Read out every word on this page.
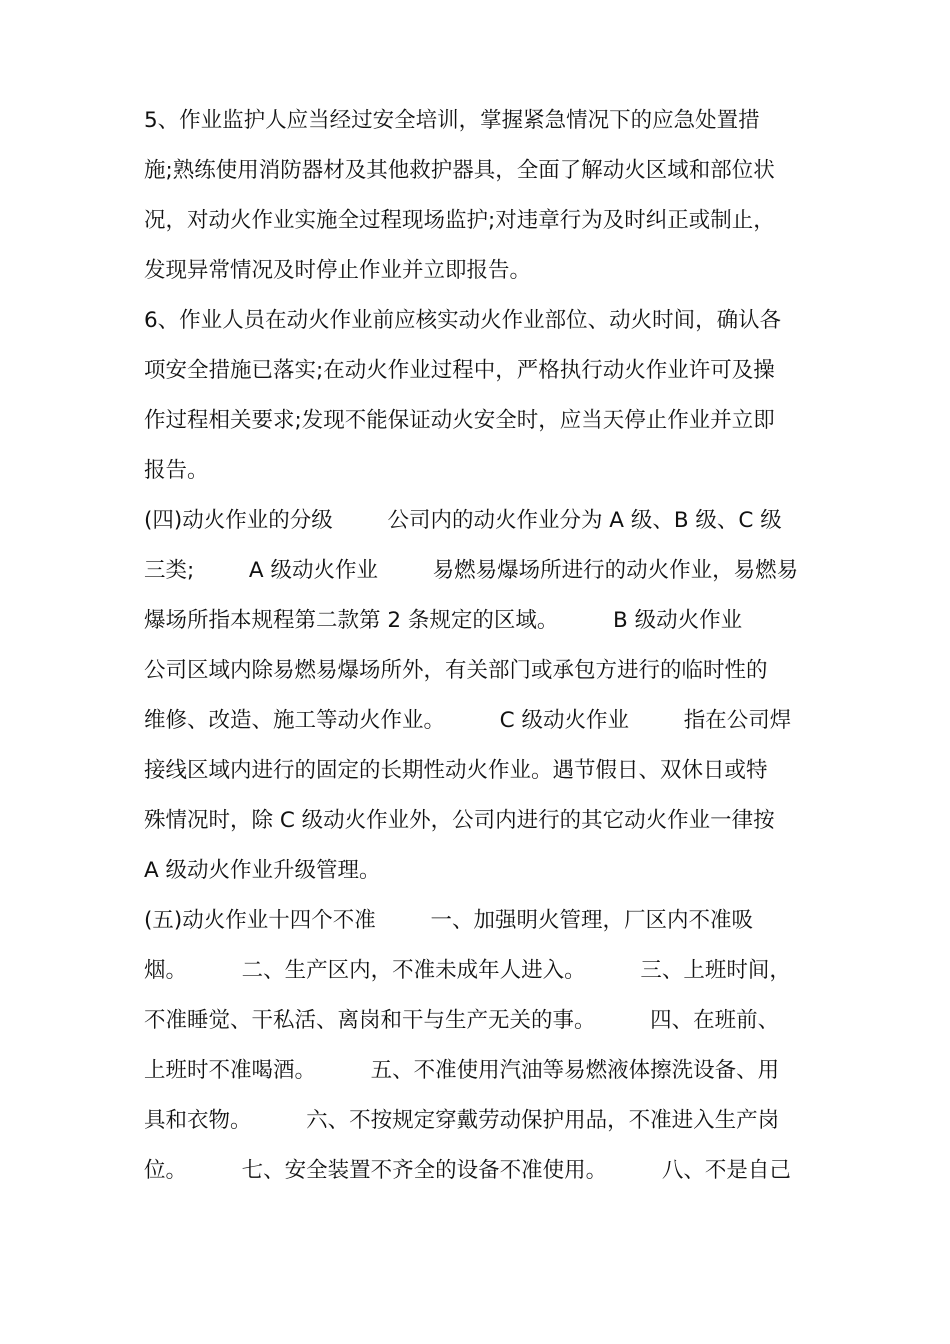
5、作业监护人应当经过安全培训，掌握紧急情况下的应急处置措
施;熟练使用消防器材及其他救护器具，全面了解动火区域和部位状
况，对动火作业实施全过程现场监护;对违章行为及时纠正或制止，
发现异常情况及时停止作业并立即报告。
6、作业人员在动火作业前应核实动火作业部位、动火时间，确认各
项安全措施已落实;在动火作业过程中，严格执行动火作业许可及操
作过程相关要求;发现不能保证动火安全时，应当天停止作业并立即
报告。
(四)动火作业的分级        公司内的动火作业分为 A 级、B 级、C 级
三类;        A 级动火作业        易燃易爆场所进行的动火作业，易燃易
爆场所指本规程第二款第 2 条规定的区域。        B 级动火作业
公司区域内除易燃易爆场所外，有关部门或承包方进行的临时性的
维修、改造、施工等动火作业。        C 级动火作业        指在公司焊
接线区域内进行的固定的长期性动火作业。遇节假日、双休日或特
殊情况时，除 C 级动火作业外，公司内进行的其它动火作业一律按
A 级动火作业升级管理。
(五)动火作业十四个不准        一、加强明火管理，厂区内不准吸
烟。        二、生产区内，不准未成年人进入。        三、上班时间，
不准睡觉、干私活、离岗和干与生产无关的事。        四、在班前、
上班时不准喝酒。        五、不准使用汽油等易燃液体擦洗设备、用
具和衣物。        六、不按规定穿戴劳动保护用品，不准进入生产岗
位。        七、安全装置不齐全的设备不准使用。        八、不是自己
